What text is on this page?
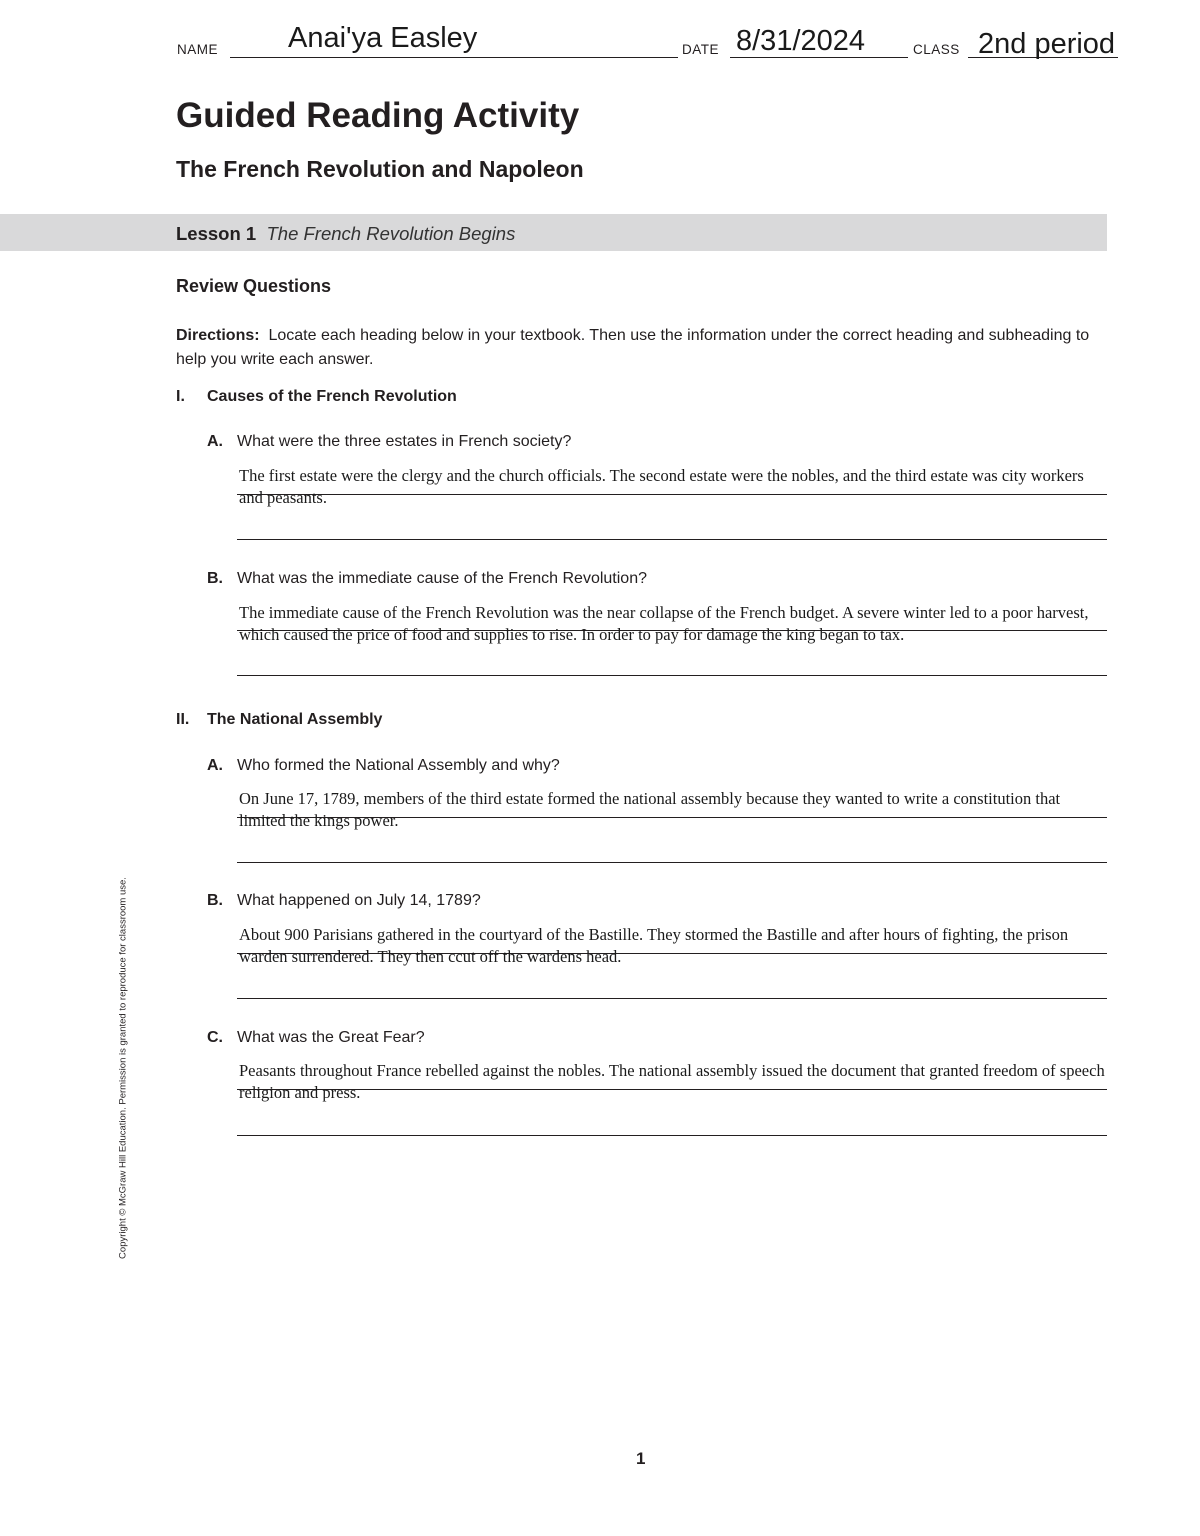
NAME Anai'ya Easley	DATE 8/31/2024	CLASS 2nd period
Guided Reading Activity
The French Revolution and Napoleon
Lesson 1 The French Revolution Begins
Review Questions
Directions: Locate each heading below in your textbook. Then use the information under the correct heading and subheading to help you write each answer.
I. Causes of the French Revolution
A. What were the three estates in French society?
The first estate were the clergy and the church officials. The second estate were the nobles, and the third estate was city workers and peasants.
B. What was the immediate cause of the French Revolution?
The immediate cause of the French Revolution was the near collapse of the French budget. A severe winter led to a poor harvest, which caused the price of food and supplies to rise. In order to pay for damage the king began to tax.
II. The National Assembly
A. Who formed the National Assembly and why?
On June 17, 1789, members of the third estate formed the national assembly because they wanted to write a constitution that limited the kings power.
B. What happened on July 14, 1789?
About 900 Parisians gathered in the courtyard of the Bastille. They stormed the Bastille and after hours of fighting, the prison warden surrendered. They then ccut off the wardens head.
C. What was the Great Fear?
Peasants throughout France rebelled against the nobles. The national assembly issued the document that granted freedom of speech religion and press.
Copyright © McGraw Hill Education. Permission is granted to reproduce for classroom use.
1
